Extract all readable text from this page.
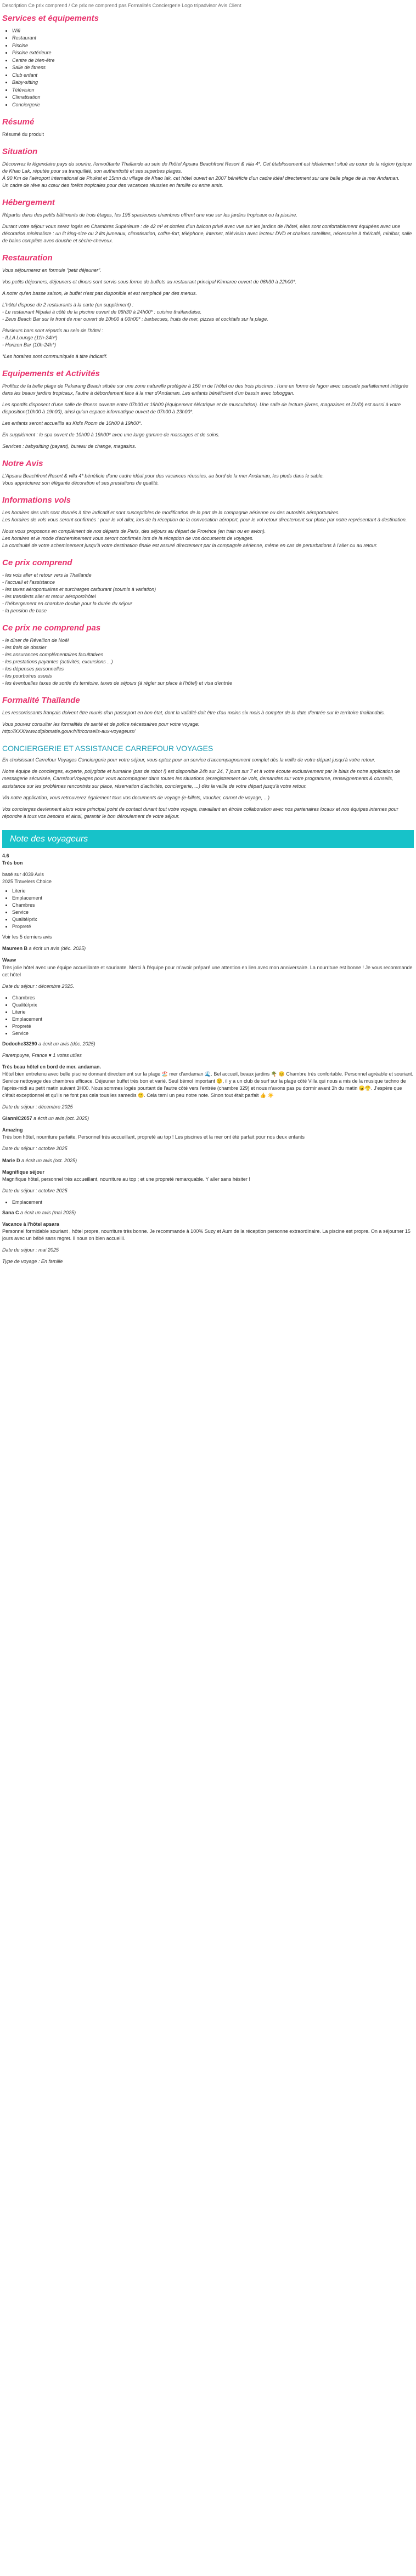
Description Ce prix comprend / Ce prix ne comprend pas Formalités Conciergerie Logo tripadvisor Avis Client
Services et équipements
• Wifi
• Restaurant
• Piscine
• Piscine extérieure
• Centre de bien-être
• Salle de fitness
• Club enfant
• Baby-sitting
• Télévision
• Climatisation
• Conciergerie
Résumé

Résumé du produit

Situation

Découvrez le légendaire pays du sourire, l'envoûtante Thaïlande au sein de l'hôtel Apsara Beachfront Resort & villa 4*. Cet établissement est idéalement situé au cœur de la région typique de Khao Lak, réputée pour sa tranquillité, son authenticité et ses superbes plages.

À 90 Km de l'aéroport international de Phuket et 15mn du village de Khao lak, cet hôtel ouvert en 2007 bénéficie d'un cadre idéal directement sur une belle plage de la mer Andaman.

Un cadre de rêve au cœur des forêts tropicales pour des vacances réussies en famille ou entre amis.

Hébergement

Répartis dans des petits bâtiments de trois étages, les 195 spacieuses chambres offrent une vue sur les jardins tropicaux ou la piscine.

Durant votre séjour vous serez logés en Chambres Supérieure : de 42 m² et dotées d'un balcon privé avec vue sur les jardins de l'hôtel, elles sont confortablement équipées avec une décoration minimaliste : un lit king-size ou 2 lits jumeaux, climatisation, coffre-fort, téléphone, internet, télévision avec lecteur DVD et chaînes satellites, nécessaire à thé/café, minibar, salle de bains complète avec douche et sèche-cheveux.

Restauration

Vous séjournerez en formule "petit déjeuner".

Vos petits déjeuners, déjeuners et diners sont servis sous forme de buffets au restaurant principal Kinnaree ouvert de 06h30 à 22h00*.

A noter qu'en basse saison, le buffet n'est pas disponible et est remplacé par des menus.

L'hôtel dispose de 2 restaurants à la carte (en supplément) :
- Le restaurant Nipalai à côté de la piscine ouvert de 06h30 à 24h00* : cuisine thaïlandaise.
- Zeus Beach Bar sur le front de mer ouvert de 10h00 à 00h00* : barbecues, fruits de mer, pizzas et cocktails sur la plage.

Plusieurs bars sont répartis au sein de l'hôtel :
- ILLA Lounge (11h-24h*)
- Horizon Bar (10h-24h*)

*Les horaires sont communiqués à titre indicatif.

Equipements et Activités

Profitez de la belle plage de Pakarang Beach située sur une zone naturelle protégée à 150 m de l'hôtel ou des trois piscines : l'une en forme de lagon avec cascade parfaitement intégrée dans les beaux jardins tropicaux, l'autre à débordement face à la mer d'Andaman. Les enfants bénéficient d'un bassin avec toboggan.

Les sportifs disposent d'une salle de fitness ouverte entre 07h00 et 19h00 (équipement éléctrique et de musculation). Une salle de lecture (livres, magazines et DVD) est aussi à votre disposition(10h00 à 19h00), ainsi qu'un espace informatique ouvert de 07h00 à 23h00*.

Les enfants seront accueillis au Kid's Room de 10h00 à 19h00*.

En supplément : le spa ouvert de 10h00 à 19h00* avec une large gamme de massages et de soins.

Services : babysitting (payant), bureau de change, magasins.

Notre Avis

L'Apsara Beachfront Resort & villa 4* bénéficie d'une cadre idéal pour des vacances réussies, au bord de la mer Andaman, les pieds dans le sable.
Vous apprécierez son élégante décoration et ses prestations de qualité.

Informations vols

Les horaires des vols sont donnés à titre indicatif et sont susceptibles de modification de la part de la compagnie aérienne ou des autorités aéroportuaires.
Les horaires de vols vous seront confirmés : pour le vol aller, lors de la réception de la convocation aéroport, pour le vol retour directement sur place par notre représentant à destination.

Nous vous proposons en complément de nos départs de Paris, des séjours au départ de Province (en train ou en avion).
Les horaires et le mode d'acheminement vous seront confirmés lors de la réception de vos documents de voyages.
La continuité de votre acheminement jusqu'à votre destination finale est assuré directement par la compagnie aérienne, même en cas de perturbations à l'aller ou au retour.

Ce prix comprend
- les vols aller et retour vers la Thaïlande
- l'accueil et l'assistance
- les taxes aéroportuaires et surcharges carburant (soumis à variation)
- les transferts aller et retour aéroport/hôtel
- l'hébergement en chambre double pour la durée du séjour
- la pension de base
Ce prix ne comprend pas
- le dîner de Réveillon de Noël
- les frais de dossier
- les assurances complémentaires facultatives
- les prestations payantes (activités, excursions ...)
- les dépenses personnelles
- les pourboires usuels
- les éventuelles taxes de sortie du territoire, taxes de séjours (à régler sur place à l'hôtel) et visa d'entrée
Formalité Thaïlande

Les ressortissants français doivent être munis d'un passeport en bon état, dont la validité doit être d'au moins six mois à compter de la date d'entrée sur le territoire thaïlandais.

Vous pouvez consulter les formalités de santé et de police nécessaires pour votre voyage:
http://XXX/www.diplomatie.gouv.fr/fr/conseils-aux-voyageurs/

CONCIERGERIE ET ASSISTANCE CARREFOUR VOYAGES

En choisissant Carrefour Voyages Conciergerie pour votre séjour, vous optez pour un service d'accompagnement complet dès la veille de votre départ jusqu'à votre retour.

Notre équipe de concierges, experte, polyglotte et humaine (pas de robot !) est disponible 24h sur 24, 7 jours sur 7 et à votre écoute exclusivement par le biais de notre application de messagerie sécurisée, CarrefourVoyages pour vous accompagner dans toutes les situations (enregistrement de vols, demandes sur votre programme, renseignements & conseils, assistance sur les problèmes rencontrés sur place, réservation d'activités, conciergerie, ...) dès la veille de votre départ jusqu'à votre retour.

Via notre application, vous retrouverez également tous vos documents de voyage (e-billets, voucher, carnet de voyage, ...)

Vos concierges deviennent alors votre principal point de contact durant tout votre voyage, travaillant en étroite collaboration avec nos partenaires locaux et nos équipes internes pour répondre à tous vos besoins et ainsi, garantir le bon déroulement de votre séjour.

Note des voyageurs
4.6
Très bon
basé sur 4039 Avis
2025 Travelers Choice
• Literie
• Emplacement
• Chambres
• Service
• Qualité/prix
• Propreté

Voir les 5 derniers avis

Maureen B a écrit un avis (déc. 2025)

Waaw

Très jolie hôtel avec une équipe accueillante et souriante. Merci à l'équipe pour m'avoir préparé une attention en lien avec mon anniversaire. La nourriture est bonne ! Je vous recommande cet hôtel

Date du séjour : décembre 2025.

• Chambres
• Qualité/prix
• Literie
• Emplacement
• Propreté
• Service

Dodoche33290 a écrit un avis (déc. 2025)

Parempuyre, France ♥ 1 votes utiles

Très beau hôtel en bord de mer. andaman.

Hôtel bien entretenu avec belle piscine donnant directement sur la plage 🏖️ mer d'andaman 🌊. Bel accueil, beaux jardins 🌴 😊 Chambre très confortable. Personnel agréable et souriant. Service nettoyage des chambres efficace. Déjeuner buffet très bon et varié. Seul bémol important 😟, il y a un club de surf sur la plage côté Villa qui nous a mis de la musique techno de l'après-midi au petit matin suivant 3H00. Nous sommes logés pourtant de l'autre côté vers l'entrée (chambre 329) et nous n'avons pas pu dormir avant 3h du matin 😠😤. J'espère que c'était exceptionnel et qu'ils ne font pas cela tous les samedis 😕. Cela terni un peu notre note. Sinon tout était parfait 👍 ☀️

Date du séjour : décembre 2025

GiannIC2057 a écrit un avis (oct. 2025)

Amazing

Très bon hôtel, nourriture parfaite, Personnel très accueillant, propreté au top ! Les piscines et la mer ont été parfait pour nos deux enfants

Date du séjour : octobre 2025

Marie D a écrit un avis (oct. 2025)

Magnifique séjour

Magnifique hôtel, personnel très accueillant, nourriture au top ; et une propreté remarquable. Y aller sans hésiter !

Date du séjour : octobre 2025

• Emplacement

Sana C a écrit un avis (mai 2025)

Vacance à l'hôtel apsara

Personnel formidable souriant , hôtel propre, nourriture très bonne. Je recommande à 100% Suzy et Aum de la réception personne extraordinaire. La piscine est propre. On a séjourner 15 jours avec un bébé sans regret. Il nous on bien accueilli.

Date du séjour : mai 2025

Type de voyage : En famille
